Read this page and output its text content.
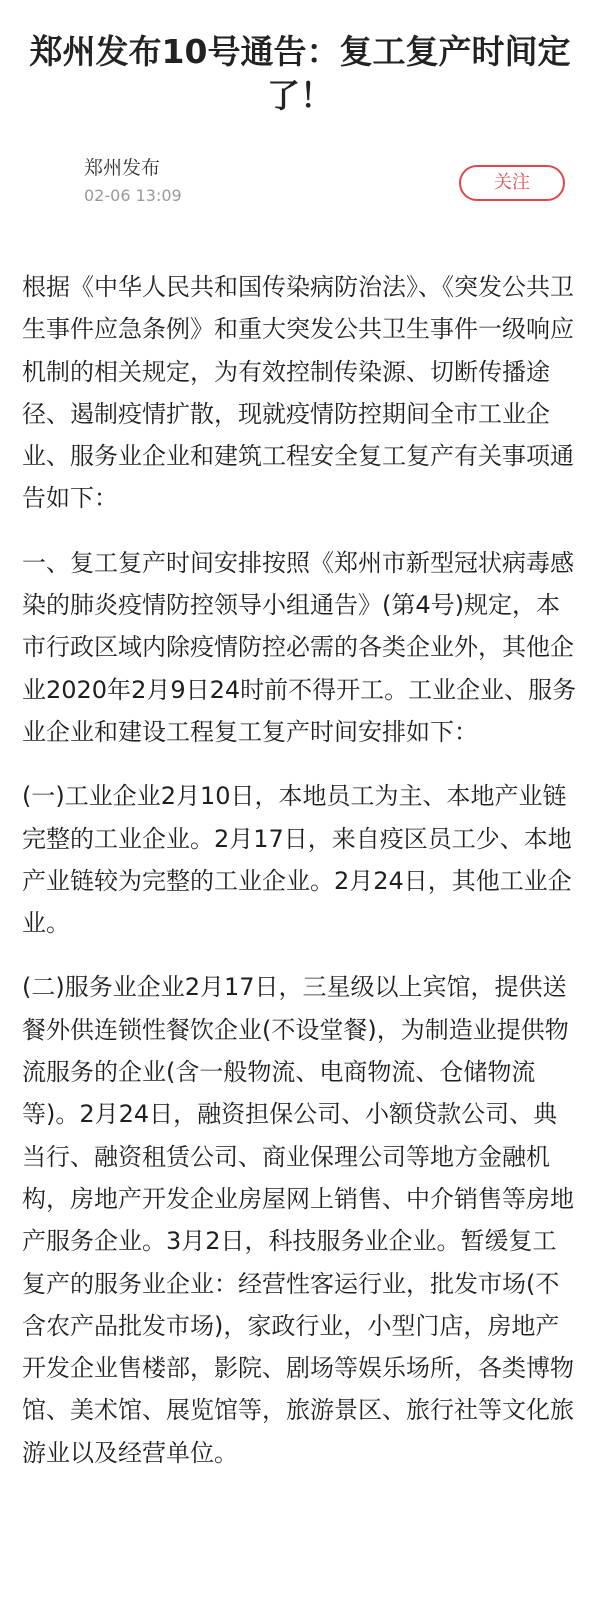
郑州发布10号通告：复工复产时间定了！
郑州发布
02-06 13:09
关注

根据《中华人民共和国传染病防治法》、《突发公共卫生事件应急条例》和重大突发公共卫生事件一级响应机制的相关规定，为有效控制传染源、切断传播途径、遏制疫情扩散，现就疫情防控期间全市工业企业、服务业企业和建筑工程安全复工复产有关事项通告如下：

一、复工复产时间安排按照《郑州市新型冠状病毒感染的肺炎疫情防控领导小组通告》(第4号)规定，本市行政区域内除疫情防控必需的各类企业外，其他企业2020年2月9日24时前不得开工。工业企业、服务业企业和建设工程复工复产时间安排如下：

(一)工业企业2月10日，本地员工为主、本地产业链完整的工业企业。2月17日，来自疫区员工少、本地产业链较为完整的工业企业。2月24日，其他工业企业。

(二)服务业企业2月17日，三星级以上宾馆，提供送餐外供连锁性餐饮企业(不设堂餐)，为制造业提供物流服务的企业(含一般物流、电商物流、仓储物流等)。2月24日，融资担保公司、小额贷款公司、典当行、融资租赁公司、商业保理公司等地方金融机构，房地产开发企业房屋网上销售、中介销售等房地产服务企业。3月2日，科技服务业企业。暂缓复工复产的服务业企业：经营性客运行业，批发市场(不含农产品批发市场)，家政行业，小型门店，房地产开发企业售楼部，影院、剧场等娱乐场所，各类博物馆、美术馆、展览馆等，旅游景区、旅行社等文化旅游业以及经营单位。
